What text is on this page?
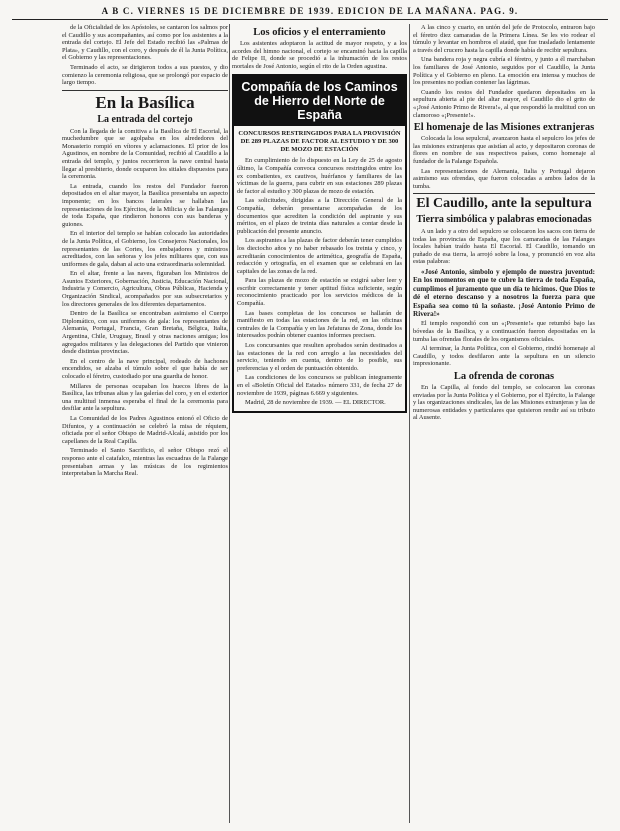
A B C. VIERNES 15 DE DICIEMBRE DE 1939. EDICION DE LA MAÑANA. PAG. 9.

de la Oficialidad de los Apóstoles, se cantaron los salmos por el Caudillo y sus acompañantes, así como por los asistentes a la entrada del cortejo. El Jefe del Estado recibió las «Palmas de Plata», y Caudillo, con el coro, y después de él la Junta Política, el Gobierno y las representaciones.

Terminado el acto, se dirigieron todos a sus puestos, y dio comienzo la ceremonia religiosa, que se prolongó por espacio de largo tiempo.

En la Basílica
La entrada del cortejo

Con la llegada de la comitiva a la Basílica de El Escorial, la muchedumbre que se agolpaba en los alrededores del Monasterio rompió en vítores y aclamaciones. El prior de los Agustinos, en nombre de la Comunidad, recibió al Caudillo a la entrada del templo, y juntos recorrieron la nave central hasta llegar al presbiterio, donde ocuparon los sitiales dispuestos para la ceremonia.

La entrada, cuando los restos del Fundador fueron depositados en el altar mayor, la Basílica presentaba un aspecto imponente; en los bancos laterales se hallaban las representaciones de los Ejércitos, de la Milicia y de las Falanges de toda España, que rindieron honores con sus banderas y guiones.

En el interior del templo se habían colocado las autoridades de la Junta Política, el Gobierno, los Consejeros Nacionales, los representantes de las Cortes, los embajadores y ministros acreditados, con las señoras y los jefes militares que, con sus uniformes de gala, daban al acto una extraordinaria solemnidad.

En el altar, frente a las naves, figuraban los Ministros de Asuntos Exteriores, Gobernación, Justicia, Educación Nacional, Industria y Comercio, Agricultura, Obras Públicas, Hacienda y Organización Sindical, acompañados por sus subsecretarios y los directores generales de los diferentes departamentos.

Dentro de la Basílica se encontraban asimismo el Cuerpo Diplomático, con sus uniformes de gala: los representantes de Alemania, Portugal, Francia, Gran Bretaña, Bélgica, Italia, Argentina, Chile, Uruguay, Brasil y otras naciones amigas; los agregados militares y las delegaciones del Partido que vinieron desde distintas provincias.

En el centro de la nave principal, rodeado de hachones encendidos, se alzaba el túmulo sobre el que había de ser colocado el féretro, custodiado por una guardia de honor.

Millares de personas ocupaban los huecos libres de la Basílica, las tribunas altas y las galerías del coro, y en el exterior una multitud inmensa esperaba el final de la ceremonia para desfilar ante la sepultura.

La Comunidad de los Padres Agustinos entonó el Oficio de Difuntos, y a continuación se celebró la misa de réquiem, oficiada por el señor Obispo de Madrid-Alcalá, asistido por los capellanes de la Real Capilla.

Terminado el Santo Sacrificio, el señor Obispo rezó el responso ante el catafalco, mientras las escuadras de la Falange presentaban armas y las músicas de los regimientos interpretaban la Marcha Real.

Los oficios y el enterramiento

Los asistentes adoptaron la actitud de mayor respeto, y a los acordes del himno nacional, el cortejo se encaminó hacia la capilla de Felipe II, donde se procedió a la inhumación de los restos mortales de José Antonio, según el rito de la Orden agustina.

Compañía de los Caminos de Hierro del Norte de España
CONCURSOS RESTRINGIDOS PARA LA PROVISIÓN DE 289 PLAZAS DE FACTOR AL ESTUDIO Y DE 300 DE MOZO DE ESTACIÓN

En cumplimiento de lo dispuesto en la Ley de 25 de agosto último, la Compañía convoca concursos restringidos entre los ex combatientes, ex cautivos, huérfanos y familiares de las víctimas de la guerra, para cubrir en sus estaciones 289 plazas de factor al estudio y 300 plazas de mozo de estación.

Las solicitudes, dirigidas a la Dirección General de la Compañía, deberán presentarse acompañadas de los documentos que acrediten la condición del aspirante y sus méritos, en el plazo de treinta días naturales a contar desde la publicación del presente anuncio.

Los aspirantes a las plazas de factor deberán tener cumplidos los dieciocho años y no haber rebasado los treinta y cinco, y acreditarán conocimientos de aritmética, geografía de España, redacción y ortografía, en el examen que se celebrará en las capitales de las zonas de la red.

Para las plazas de mozo de estación se exigirá saber leer y escribir correctamente y tener aptitud física suficiente, según reconocimiento practicado por los servicios médicos de la Compañía.

Las bases completas de los concursos se hallarán de manifiesto en todas las estaciones de la red, en las oficinas centrales de la Compañía y en las Jefaturas de Zona, donde los interesados podrán obtener cuantos informes precisen.

Los concursantes que resulten aprobados serán destinados a las estaciones de la red con arreglo a las necesidades del servicio, teniendo en cuenta, dentro de lo posible, sus preferencias y el orden de puntuación obtenido.

Las condiciones de los concursos se publican íntegramente en el «Boletín Oficial del Estado» número 331, de fecha 27 de noviembre de 1939, páginas 6.669 y siguientes.

Madrid, 28 de noviembre de 1939. — EL DIRECTOR.

A las cinco y cuarto, en unión del jefe de Protocolo, entraron bajo el féretro diez camaradas de la Primera Línea. Se les vio rodear el túmulo y levantar en hombros el ataúd, que fue trasladado lentamente a través del crucero hasta la capilla donde había de recibir sepultura.

Una bandera roja y negra cubría el féretro, y junto a él marchaban los familiares de José Antonio, seguidos por el Caudillo, la Junta Política y el Gobierno en pleno. La emoción era intensa y muchos de los presentes no podían contener las lágrimas.

Cuando los restos del Fundador quedaron depositados en la sepultura abierta al pie del altar mayor, el Caudillo dio el grito de «¡José Antonio Primo de Rivera!», al que respondió la multitud con un clamoroso «¡Presente!».

El homenaje de las Misiones extranjeras

Colocada la losa sepulcral, avanzaron hasta el sepulcro los jefes de las misiones extranjeras que asistían al acto, y depositaron coronas de flores en nombre de sus respectivos países, como homenaje al fundador de la Falange Española.

Las representaciones de Alemania, Italia y Portugal dejaron asimismo sus ofrendas, que fueron colocadas a ambos lados de la tumba.

El Caudillo, ante la sepultura
Tierra simbólica y palabras emocionadas

A un lado y a otro del sepulcro se colocaron los sacos con tierra de todas las provincias de España, que los camaradas de las Falanges locales habían traído hasta El Escorial. El Caudillo, tomando un puñado de esa tierra, la arrojó sobre la losa, y pronunció en voz alta estas palabras:

«José Antonio, símbolo y ejemplo de nuestra juventud: En los momentos en que te cubre la tierra de toda España, cumplimos el juramento que un día te hicimos. Que Dios te dé el eterno descanso y a nosotros la fuerza para que España sea como tú la soñaste. ¡José Antonio Primo de Rivera!»

El templo respondió con un «¡Presente!» que retumbó bajo las bóvedas de la Basílica, y a continuación fueron depositadas en la tumba las ofrendas florales de los organismos oficiales.

Al terminar, la Junta Política, con el Gobierno, rindió homenaje al Caudillo, y todos desfilaron ante la sepultura en un silencio impresionante.

La ofrenda de coronas

En la Capilla, al fondo del templo, se colocaron las coronas enviadas por la Junta Política y el Gobierno, por el Ejército, la Falange y las organizaciones sindicales, las de las Misiones extranjeras y las de numerosas entidades y particulares que quisieron rendir así su tributo al Ausente.
